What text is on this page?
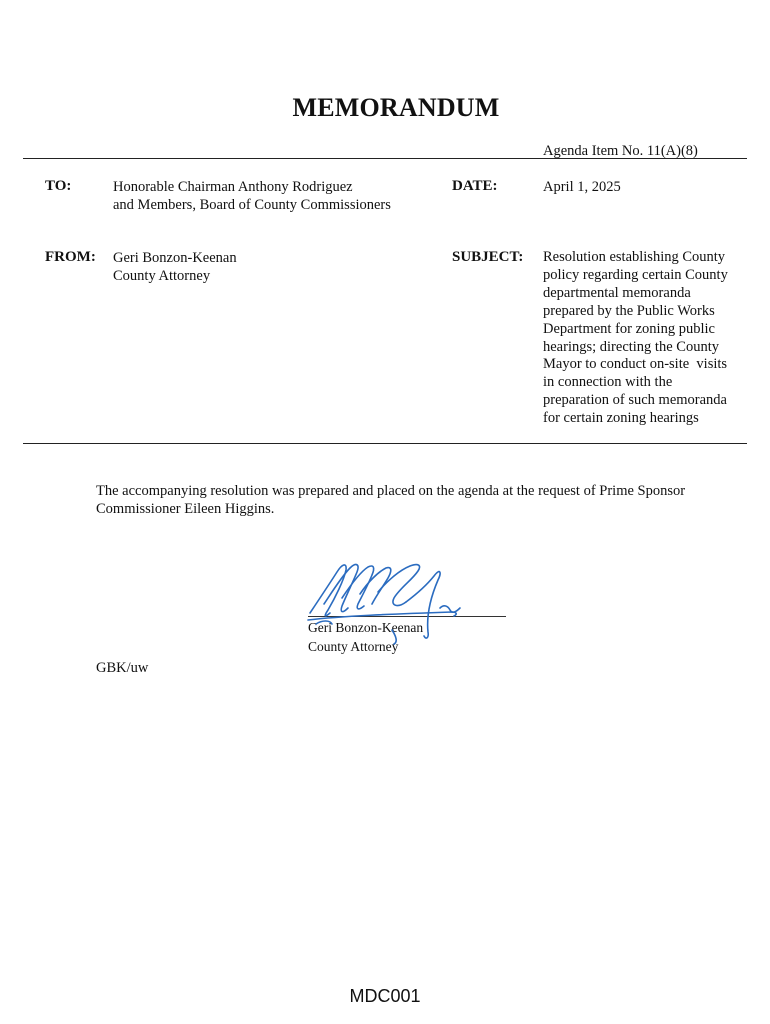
MEMORANDUM
Agenda Item No. 11(A)(8)
TO:	Honorable Chairman Anthony Rodriguez
and Members, Board of County Commissioners
DATE:	April 1, 2025
FROM: Geri Bonzon-Keenan
County Attorney
SUBJECT: Resolution establishing County
policy regarding certain County
departmental memoranda
prepared by the Public Works
Department for zoning public
hearings; directing the County
Mayor to conduct on-site  visits
in connection with the
preparation of such memoranda
for certain zoning hearings
The accompanying resolution was prepared and placed on the agenda at the request of Prime Sponsor
Commissioner Eileen Higgins.
Geri Bonzon-Keenan
County Attorney
GBK/uw
MDC001
